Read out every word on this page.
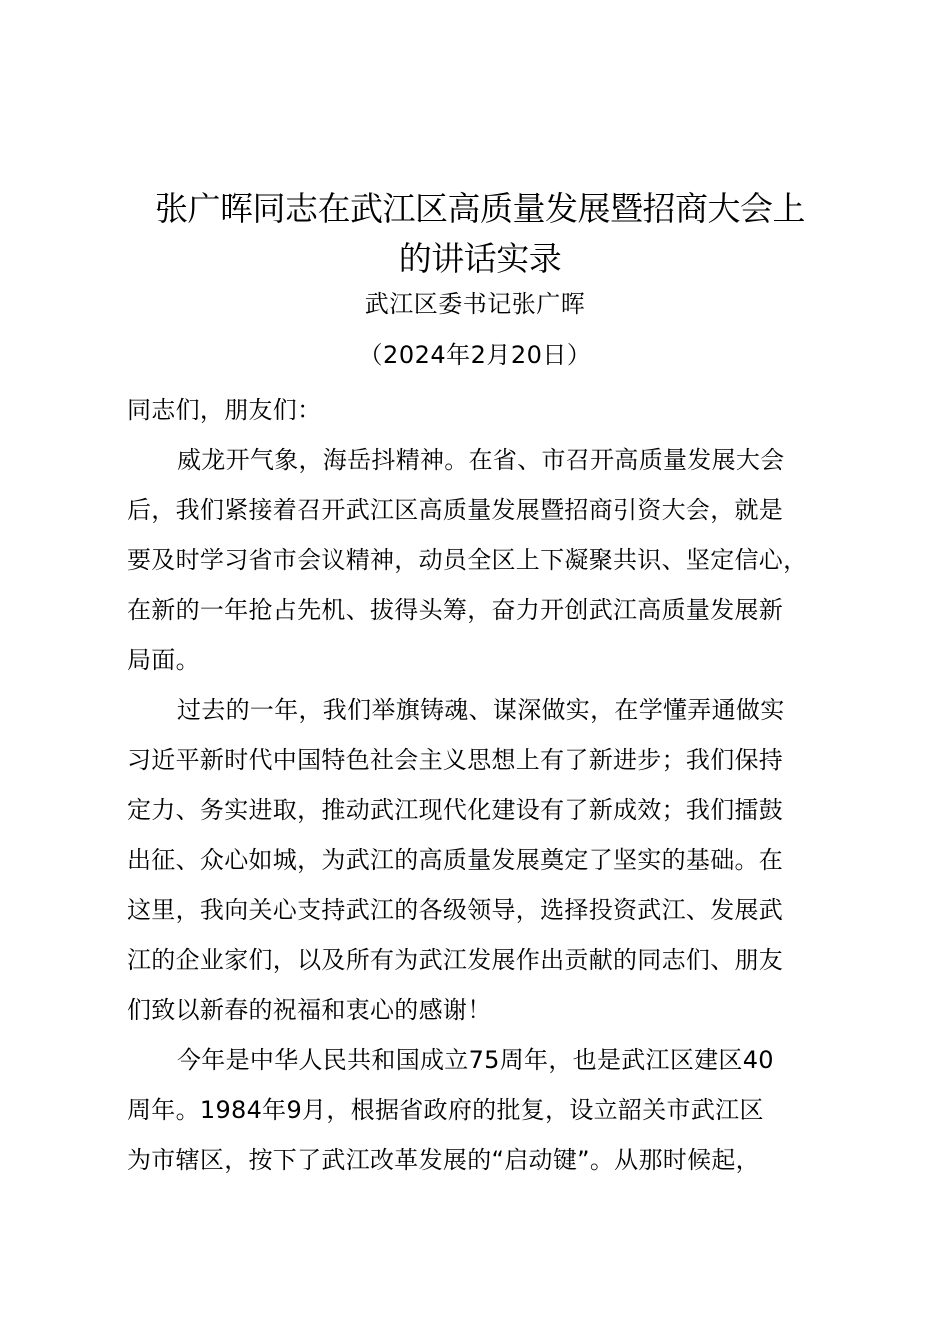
张广晖同志在武江区高质量发展暨招商大会上
的讲话实录
武江区委书记张广晖
（2024年2月20日）
同志们，朋友们：
威龙开气象，海岳抖精神。在省、市召开高质量发展大会
后，我们紧接着召开武江区高质量发展暨招商引资大会，就是
要及时学习省市会议精神，动员全区上下凝聚共识、坚定信心，
在新的一年抢占先机、拔得头筹，奋力开创武江高质量发展新
局面。
过去的一年，我们举旗铸魂、谋深做实，在学懂弄通做实
习近平新时代中国特色社会主义思想上有了新进步；我们保持
定力、务实进取，推动武江现代化建设有了新成效；我们擂鼓
出征、众心如城，为武江的高质量发展奠定了坚实的基础。在
这里，我向关心支持武江的各级领导，选择投资武江、发展武
江的企业家们，以及所有为武江发展作出贡献的同志们、朋友
们致以新春的祝福和衷心的感谢！
今年是中华人民共和国成立75周年，也是武江区建区40
周年。1984年9月，根据省政府的批复，设立韶关市武江区
为市辖区，按下了武江改革发展的“启动键”。从那时候起，
